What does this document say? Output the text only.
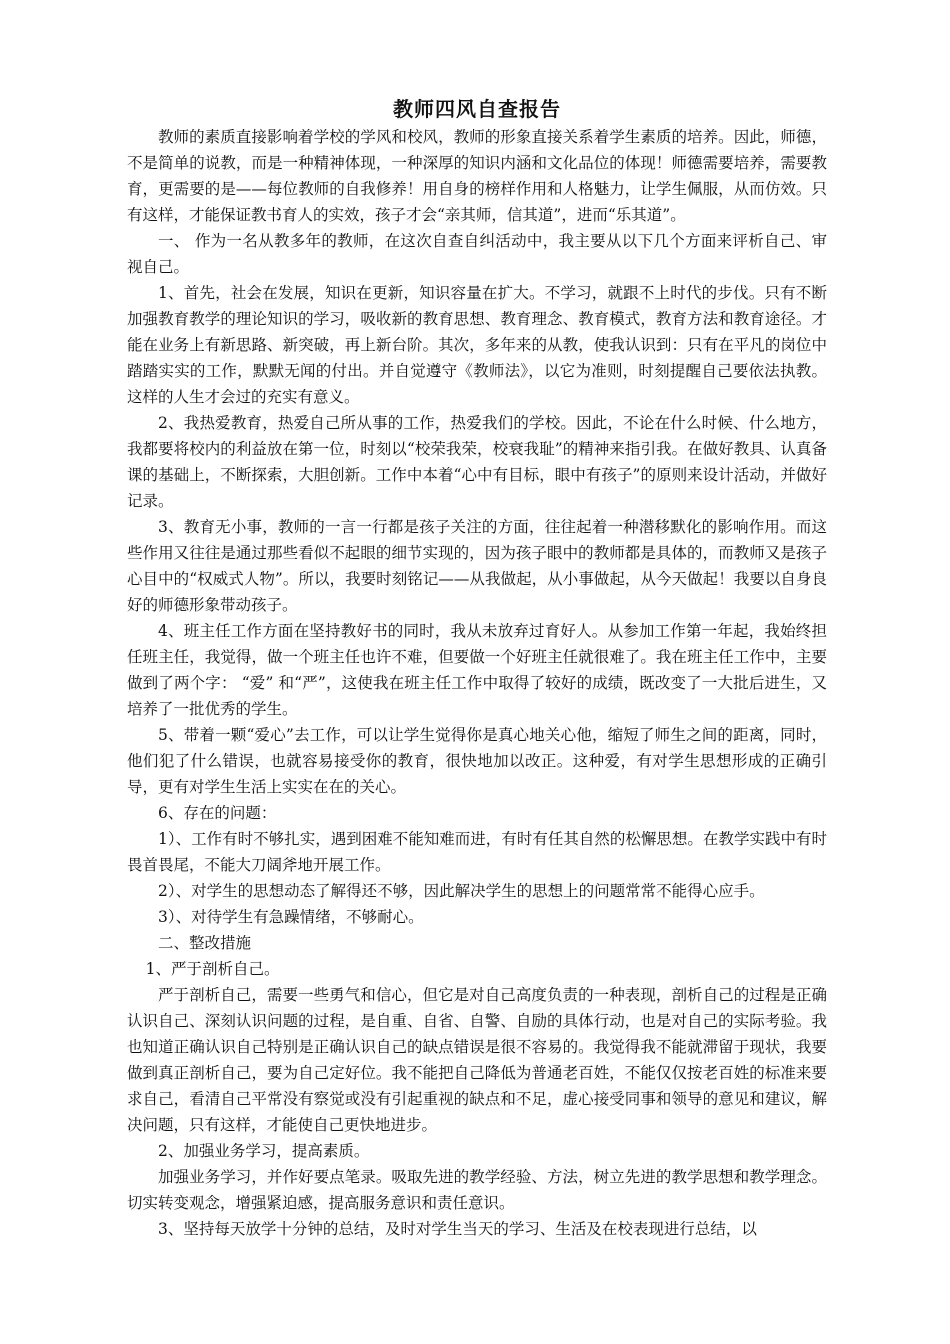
教师四风自查报告

教师的素质直接影响着学校的学风和校风，教师的形象直接关系着学生素质的培养。因此，师德，不是简单的说教，而是一种精神体现，一种深厚的知识内涵和文化品位的体现！师德需要培养，需要教育，更需要的是——每位教师的自我修养！用自身的榜样作用和人格魅力，让学生佩服，从而仿效。只有这样，才能保证教书育人的实效，孩子才会“亲其师，信其道”，进而“乐其道”。

一、 作为一名从教多年的教师，在这次自查自纠活动中，我主要从以下几个方面来评析自己、审视自己。

1、首先，社会在发展，知识在更新，知识容量在扩大。不学习，就跟不上时代的步伐。只有不断加强教育教学的理论知识的学习，吸收新的教育思想、教育理念、教育模式，教育方法和教育途径。才能在业务上有新思路、新突破，再上新台阶。其次，多年来的从教，使我认识到：只有在平凡的岗位中踏踏实实的工作，默默无闻的付出。并自觉遵守《教师法》，以它为准则，时刻提醒自己要依法执教。这样的人生才会过的充实有意义。

2、我热爱教育，热爱自己所从事的工作，热爱我们的学校。因此，不论在什么时候、什么地方，我都要将校内的利益放在第一位，时刻以“校荣我荣，校衰我耻”的精神来指引我。在做好教具、认真备课的基础上，不断探索，大胆创新。工作中本着“心中有目标，眼中有孩子”的原则来设计活动，并做好记录。

3、教育无小事，教师的一言一行都是孩子关注的方面，往往起着一种潜移默化的影响作用。而这些作用又往往是通过那些看似不起眼的细节实现的，因为孩子眼中的教师都是具体的，而教师又是孩子心目中的“权威式人物”。所以，我要时刻铭记——从我做起，从小事做起，从今天做起！我要以自身良好的师德形象带动孩子。

4、班主任工作方面在坚持教好书的同时，我从未放弃过育好人。从参加工作第一年起，我始终担任班主任，我觉得，做一个班主任也许不难，但要做一个好班主任就很难了。我在班主任工作中，主要做到了两个字： “爱” 和“严”，这使我在班主任工作中取得了较好的成绩，既改变了一大批后进生，又培养了一批优秀的学生。

5、带着一颗“爱心”去工作，可以让学生觉得你是真心地关心他，缩短了师生之间的距离，同时，他们犯了什么错误，也就容易接受你的教育，很快地加以改正。这种爱，有对学生思想形成的正确引导，更有对学生生活上实实在在的关心。

6、存在的问题：

1）、工作有时不够扎实，遇到困难不能知难而进，有时有任其自然的松懈思想。在教学实践中有时畏首畏尾，不能大刀阔斧地开展工作。

2）、对学生的思想动态了解得还不够，因此解决学生的思想上的问题常常不能得心应手。

3）、对待学生有急躁情绪，不够耐心。

二、整改措施

1、严于剖析自己。

严于剖析自己，需要一些勇气和信心，但它是对自己高度负责的一种表现，剖析自己的过程是正确认识自己、深刻认识问题的过程，是自重、自省、自警、自励的具体行动，也是对自己的实际考验。我也知道正确认识自己特别是正确认识自己的缺点错误是很不容易的。我觉得我不能就滞留于现状，我要做到真正剖析自己，要为自己定好位。我不能把自己降低为普通老百姓，不能仅仅按老百姓的标准来要求自己，看清自己平常没有察觉或没有引起重视的缺点和不足，虚心接受同事和领导的意见和建议，解决问题，只有这样，才能使自己更快地进步。

2、加强业务学习，提高素质。

加强业务学习，并作好要点笔录。吸取先进的教学经验、方法，树立先进的教学思想和教学理念。切实转变观念，增强紧迫感，提高服务意识和责任意识。

3、坚持每天放学十分钟的总结，及时对学生当天的学习、生活及在校表现进行总结，以
